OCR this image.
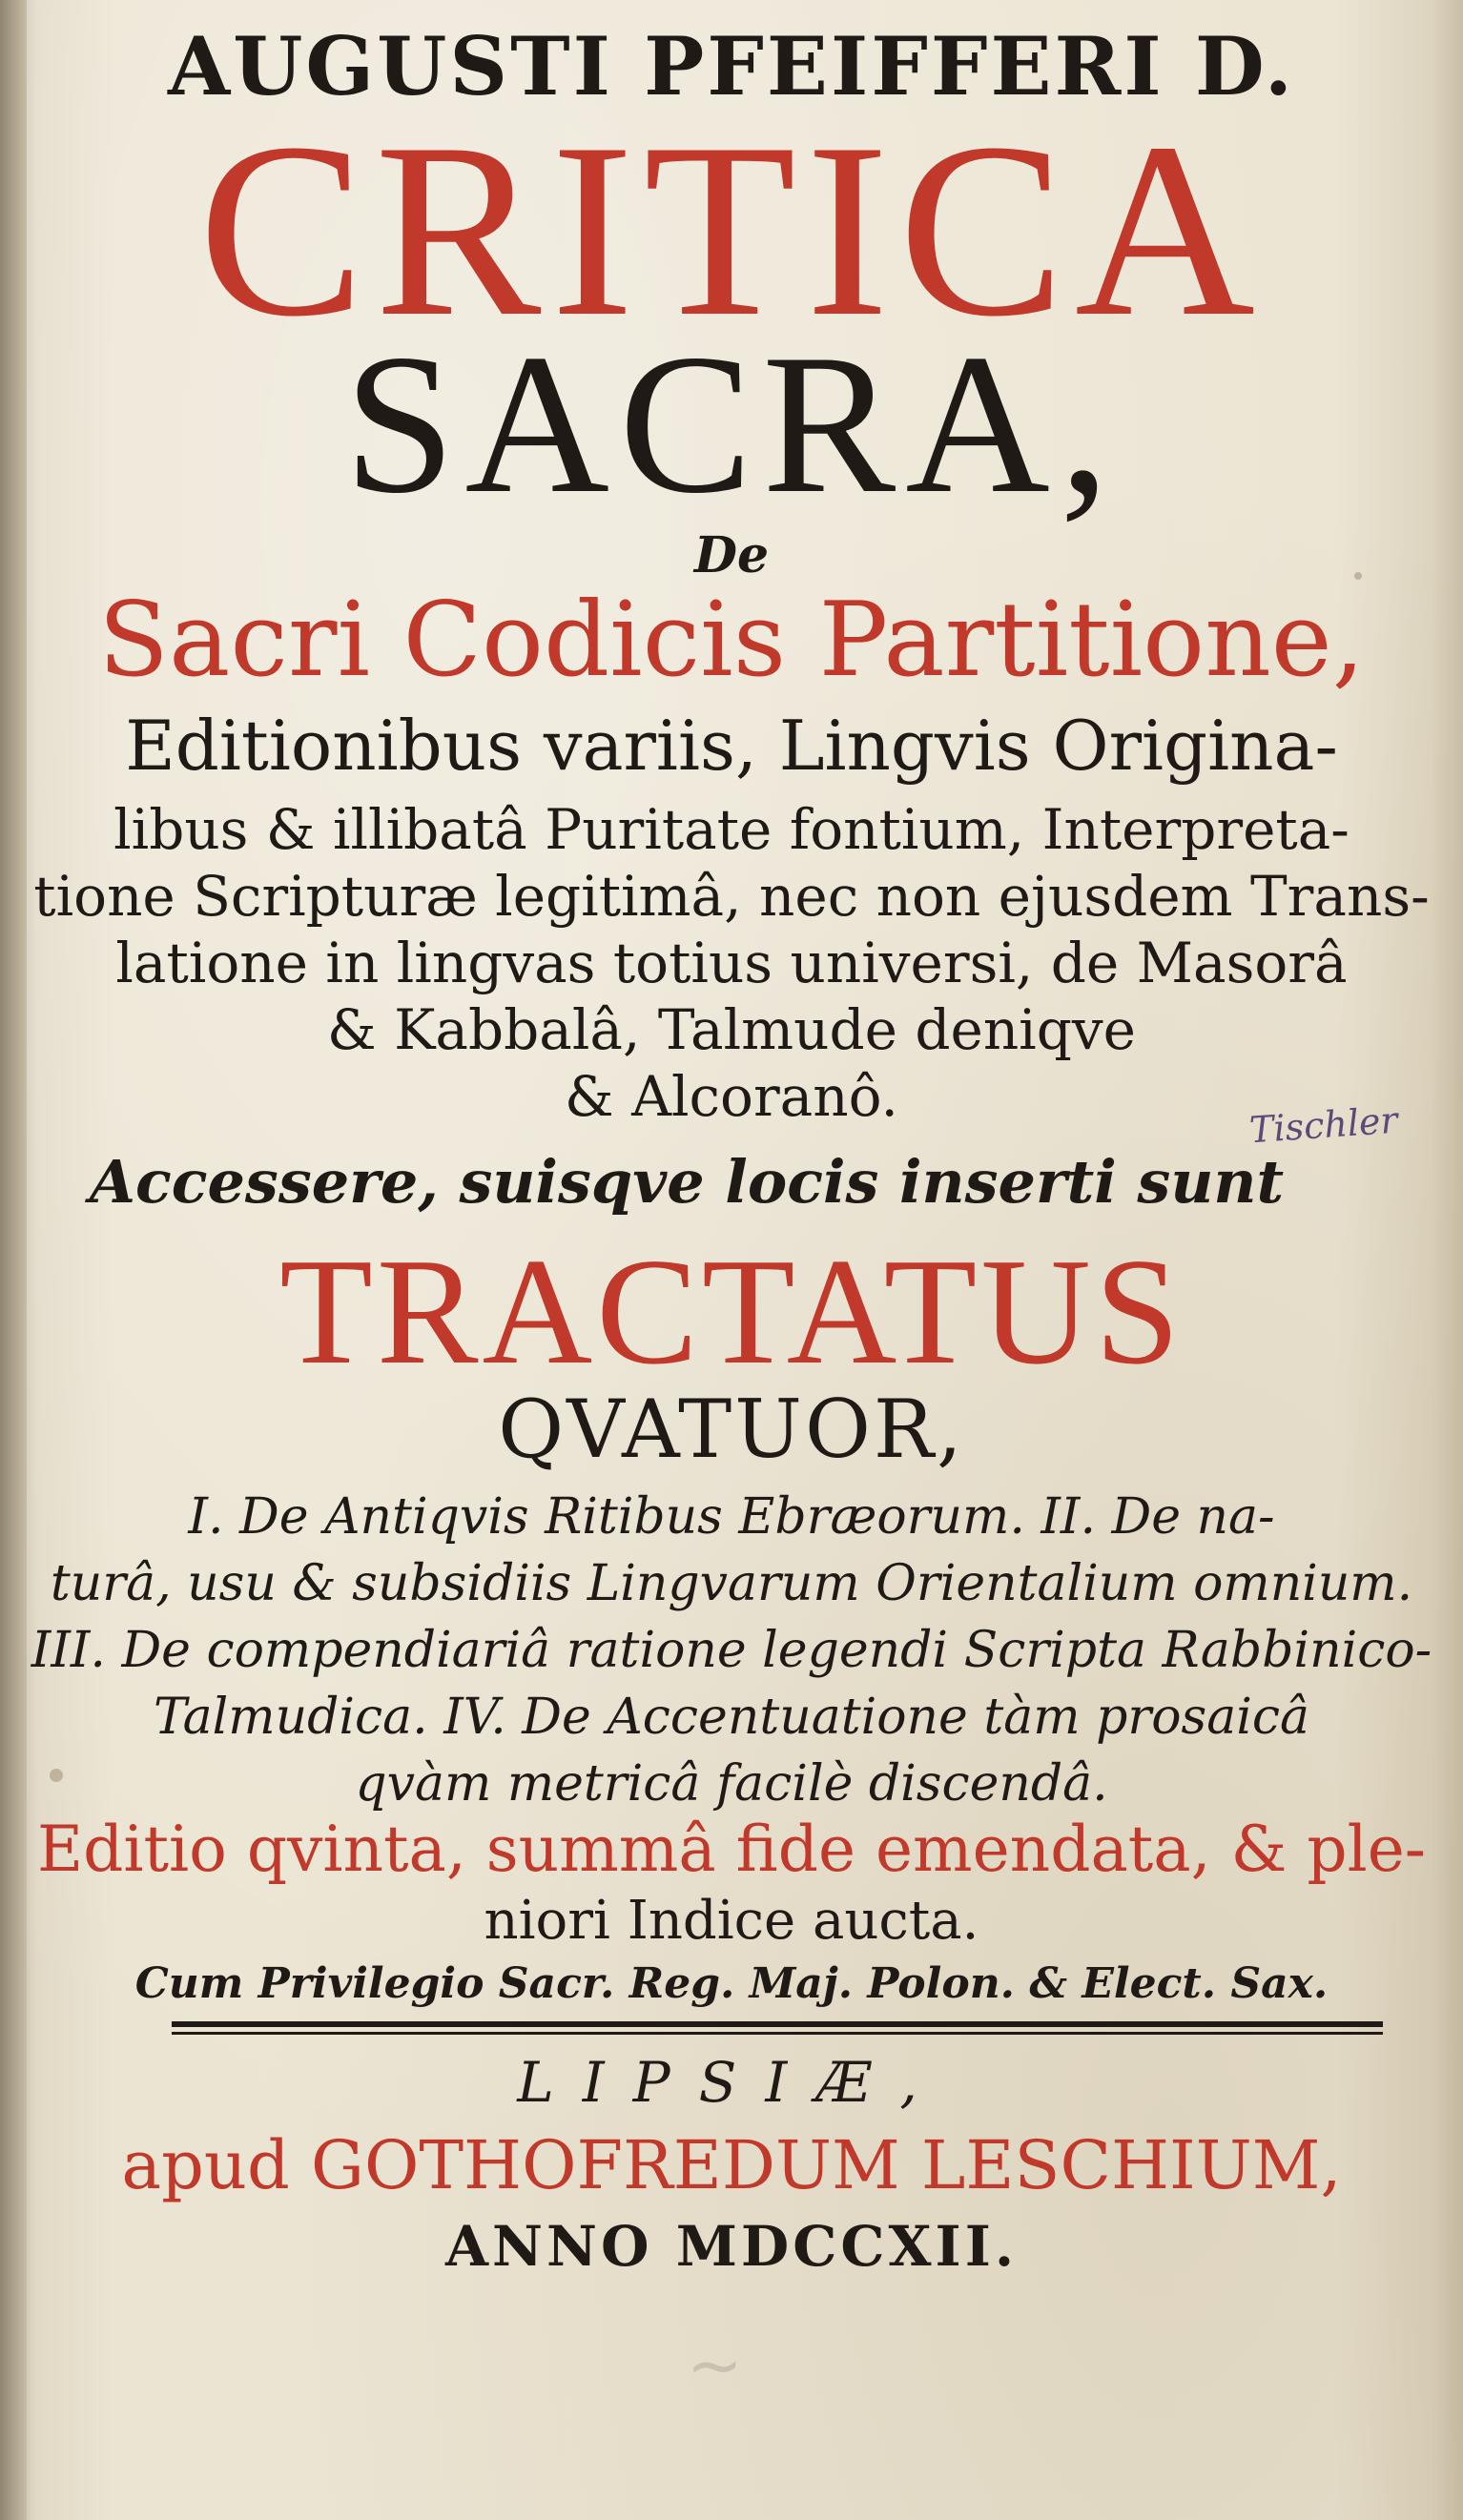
AUGUSTI PFEIFFERI D.
CRITICA
SACRA,
De
Sacri Codicis Partitione,
Editionibus variis, Lingvis Origina-
libus & illibatâ Puritate fontium, Interpreta-
tione Scripturæ legitimâ, nec non ejusdem Trans-
latione in lingvas totius universi, de Masorâ
& Kabbalâ, Talmude deniqve
& Alcoranô.
Accessere, suisqve locis inserti sunt
Tischler
TRACTATUS
QVATUOR,
I. De Antiqvis Ritibus Ebræorum. II. De na-
turâ, usu & subsidiis Lingvarum Orientalium omnium.
III. De compendiariâ ratione legendi Scripta Rabbinico-
Talmudica. IV. De Accentuatione tàm prosaicâ
qvàm metricâ facilè discendâ.
Editio qvinta, summâ fide emendata, & ple-
niori Indice aucta.
Cum Privilegio Sacr. Reg. Maj. Polon. & Elect. Sax.
LIPSIÆ,
apud GOTHOFREDUM LESCHIUM,
ANNO MDCCXII.
~
